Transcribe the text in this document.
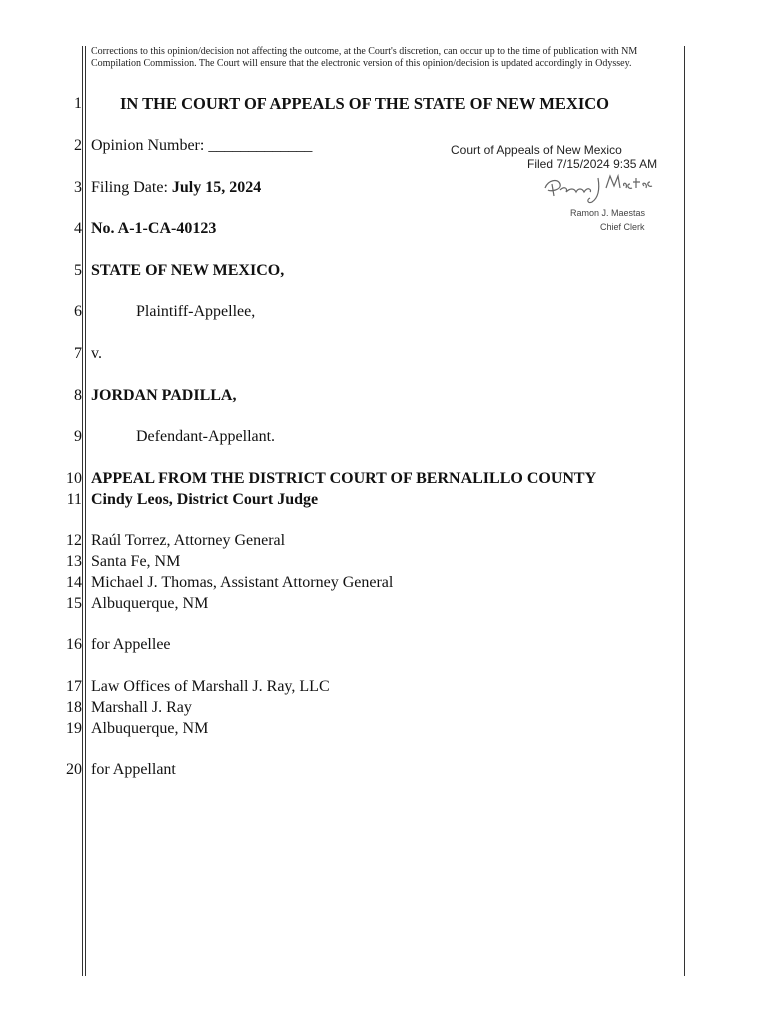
Corrections to this opinion/decision not affecting the outcome, at the Court's discretion, can occur up to the time of publication with NM Compilation Commission. The Court will ensure that the electronic version of this opinion/decision is updated accordingly in Odyssey.
1
2
3
4
5
6
7
8
9
10
11
12
13
14
15
16
17
18
19
20
IN THE COURT OF APPEALS OF THE STATE OF NEW MEXICO
Opinion Number: _____________
Filing Date: July 15, 2024
No. A-1-CA-40123
STATE OF NEW MEXICO,
Plaintiff-Appellee,
v.
JORDAN PADILLA,
Defendant-Appellant.
APPEAL FROM THE DISTRICT COURT OF BERNALILLO COUNTY
Cindy Leos, District Court Judge
Raúl Torrez, Attorney General
Santa Fe, NM
Michael J. Thomas, Assistant Attorney General
Albuquerque, NM
for Appellee
Law Offices of Marshall J. Ray, LLC
Marshall J. Ray
Albuquerque, NM
for Appellant
Court of Appeals of New Mexico
Filed 7/15/2024 9:35 AM
Ramon J. Maestas
Chief Clerk
